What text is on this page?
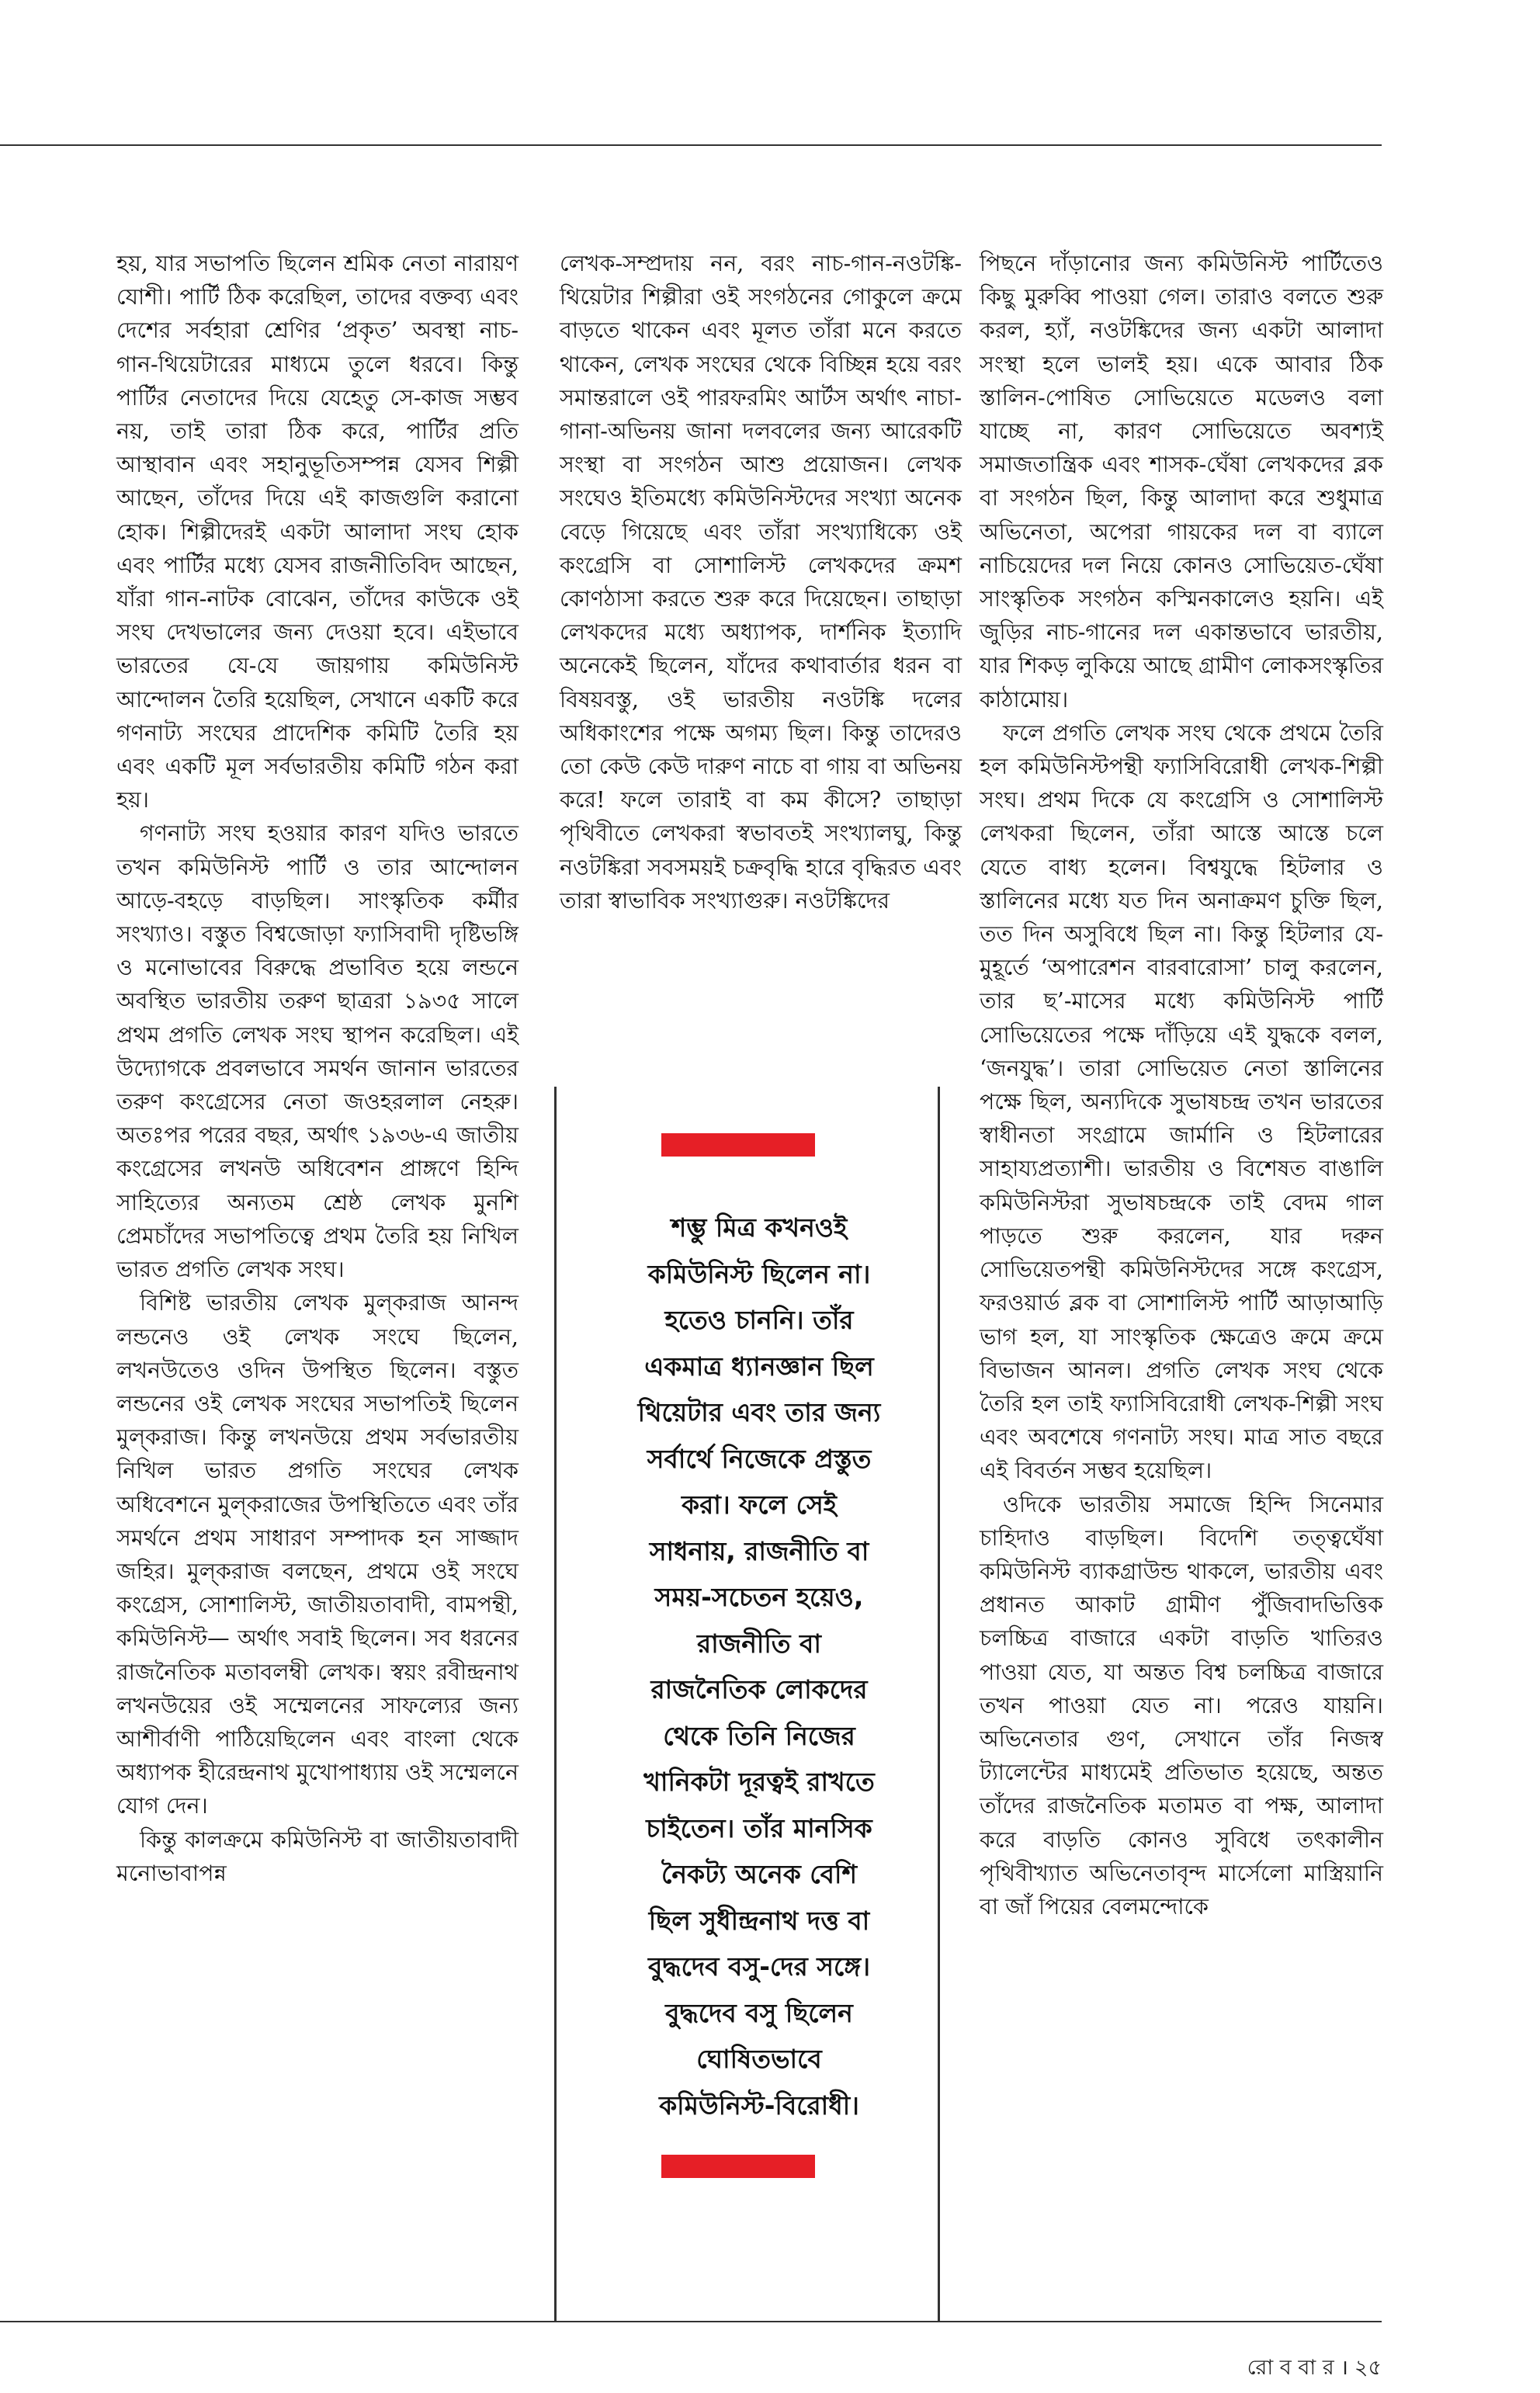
হয়, যার সভাপতি ছিলেন শ্রমিক নেতা নারায়ণ যোশী। পার্টি ঠিক করেছিল, তাদের বক্তব্য এবং দেশের সর্বহারা শ্রেণির ‘প্রকৃত’ অবস্থা নাচ-গান-থিয়েটারের মাধ্যমে তুলে ধরবে। কিন্তু পার্টির নেতাদের দিয়ে যেহেতু সে-কাজ সম্ভব নয়, তাই তারা ঠিক করে, পার্টির প্রতি আস্থাবান এবং সহানুভূতিসম্পন্ন যেসব শিল্পী আছেন, তাঁদের দিয়ে এই কাজগুলি করানো হোক। শিল্পীদেরই একটা আলাদা সংঘ হোক এবং পার্টির মধ্যে যেসব রাজনীতিবিদ আছেন, যাঁরা গান-নাটক বোঝেন, তাঁদের কাউকে ওই সংঘ দেখভালের জন্য দেওয়া হবে। এইভাবে ভারতের যে-যে জায়গায় কমিউনিস্ট আন্দোলন তৈরি হয়েছিল, সেখানে একটি করে গণনাট্য সংঘের প্রাদেশিক কমিটি তৈরি হয় এবং একটি মূল সর্বভারতীয় কমিটি গঠন করা হয়।

গণনাট্য সংঘ হওয়ার কারণ যদিও ভারতে তখন কমিউনিস্ট পার্টি ও তার আন্দোলন আড়ে-বহড়ে বাড়ছিল। সাংস্কৃতিক কর্মীর সংখ্যাও। বস্তুত বিশ্বজোড়া ফ্যাসিবাদী দৃষ্টিভঙ্গি ও মনোভাবের বিরুদ্ধে প্রভাবিত হয়ে লন্ডনে অবস্থিত ভারতীয় তরুণ ছাত্ররা ১৯৩৫ সালে প্রথম প্রগতি লেখক সংঘ স্থাপন করেছিল। এই উদ্যোগকে প্রবলভাবে সমর্থন জানান ভারতের তরুণ কংগ্রেসের নেতা জওহরলাল নেহরু। অতঃপর পরের বছর, অর্থাৎ ১৯৩৬-এ জাতীয় কংগ্রেসের লখনউ অধিবেশন প্রাঙ্গণে হিন্দি সাহিত্যের অন্যতম শ্রেষ্ঠ লেখক মুনশি প্রেমচাঁদের সভাপতিত্বে প্রথম তৈরি হয় নিখিল ভারত প্রগতি লেখক সংঘ।

বিশিষ্ট ভারতীয় লেখক মুল্‌করাজ আনন্দ লন্ডনেও ওই লেখক সংঘে ছিলেন, লখনউতেও ওদিন উপস্থিত ছিলেন। বস্তুত লন্ডনের ওই লেখক সংঘের সভাপতিই ছিলেন মুল্‌করাজ। কিন্তু লখনউয়ে প্রথম সর্বভারতীয় নিখিল ভারত প্রগতি সংঘের লেখক অধিবেশনে মুল্‌করাজের উপস্থিতিতে এবং তাঁর সমর্থনে প্রথম সাধারণ সম্পাদক হন সাজ্জাদ জহির। মুল্‌করাজ বলছেন, প্রথমে ওই সংঘে কংগ্রেস, সোশালিস্ট, জাতীয়তাবাদী, বামপন্থী, কমিউনিস্ট— অর্থাৎ সবাই ছিলেন। সব ধরনের রাজনৈতিক মতাবলম্বী লেখক। স্বয়ং রবীন্দ্রনাথ লখনউয়ের ওই সম্মেলনের সাফল্যের জন্য আশীর্বাণী পাঠিয়েছিলেন এবং বাংলা থেকে অধ্যাপক হীরেন্দ্রনাথ মুখোপাধ্যায় ওই সম্মেলনে যোগ দেন।

কিন্তু কালক্রমে কমিউনিস্ট বা জাতীয়তাবাদী মনোভাবাপন্ন

লেখক-সম্প্রদায় নন, বরং নাচ-গান-নওটঙ্কি-থিয়েটার শিল্পীরা ওই সংগঠনের গোকুলে ক্রমে বাড়তে থাকেন এবং মূলত তাঁরা মনে করতে থাকেন, লেখক সংঘের থেকে বিচ্ছিন্ন হয়ে বরং সমান্তরালে ওই পারফরমিং আর্টস অর্থাৎ নাচা-গানা-অভিনয় জানা দলবলের জন্য আরেকটি সংস্থা বা সংগঠন আশু প্রয়োজন। লেখক সংঘেও ইতিমধ্যে কমিউনিস্টদের সংখ্যা অনেক বেড়ে গিয়েছে এবং তাঁরা সংখ্যাধিক্যে ওই কংগ্রেসি বা সোশালিস্ট লেখকদের ক্রমশ কোণঠাসা করতে শুরু করে দিয়েছেন। তাছাড়া লেখকদের মধ্যে অধ্যাপক, দার্শনিক ইত্যাদি অনেকেই ছিলেন, যাঁদের কথাবার্তার ধরন বা বিষয়বস্তু, ওই ভারতীয় নওটঙ্কি দলের অধিকাংশের পক্ষে অগম্য ছিল। কিন্তু তাদেরও তো কেউ কেউ দারুণ নাচে বা গায় বা অভিনয় করে! ফলে তারাই বা কম কীসে? তাছাড়া পৃথিবীতে লেখকরা স্বভাবতই সংখ্যালঘু, কিন্তু নওটঙ্কিরা সবসময়ই চক্রবৃদ্ধি হারে বৃদ্ধিরত এবং তারা স্বাভাবিক সংখ্যাগুরু। নওটঙ্কিদের

পিছনে দাঁড়ানোর জন্য কমিউনিস্ট পার্টিতেও কিছু মুরুব্বি পাওয়া গেল। তারাও বলতে শুরু করল, হ্যাঁ, নওটঙ্কিদের জন্য একটা আলাদা সংস্থা হলে ভালই হয়। একে আবার ঠিক স্তালিন-পোষিত সোভিয়েতে মডেলও বলা যাচ্ছে না, কারণ সোভিয়েতে অবশ্যই সমাজতান্ত্রিক এবং শাসক-ঘেঁষা লেখকদের ব্লক বা সংগঠন ছিল, কিন্তু আলাদা করে শুধুমাত্র অভিনেতা, অপেরা গায়কের দল বা ব্যালে নাচিয়েদের দল নিয়ে কোনও সোভিয়েত-ঘেঁষা সাংস্কৃতিক সংগঠন কস্মিনকালেও হয়নি। এই জুড়ির নাচ-গানের দল একান্তভাবে ভারতীয়, যার শিকড় লুকিয়ে আছে গ্রামীণ লোকসংস্কৃতির কাঠামোয়।

ফলে প্রগতি লেখক সংঘ থেকে প্রথমে তৈরি হল কমিউনিস্টপন্থী ফ্যাসিবিরোধী লেখক-শিল্পী সংঘ। প্রথম দিকে যে কংগ্রেসি ও সোশালিস্ট লেখকরা ছিলেন, তাঁরা আস্তে আস্তে চলে যেতে বাধ্য হলেন। বিশ্বযুদ্ধে হিটলার ও স্তালিনের মধ্যে যত দিন অনাক্রমণ চুক্তি ছিল, তত দিন অসুবিধে ছিল না। কিন্তু হিটলার যে-মুহূর্তে ‘অপারেশন বারবারোসা’ চালু করলেন, তার ছ’-মাসের মধ্যে কমিউনিস্ট পার্টি সোভিয়েতের পক্ষে দাঁড়িয়ে এই যুদ্ধকে বলল, ‘জনযুদ্ধ’। তারা সোভিয়েত নেতা স্তালিনের পক্ষে ছিল, অন্যদিকে সুভাষচন্দ্র তখন ভারতের স্বাধীনতা সংগ্রামে জার্মানি ও হিটলারের সাহায্যপ্রত্যাশী। ভারতীয় ও বিশেষত বাঙালি কমিউনিস্টরা সুভাষচন্দ্রকে তাই বেদম গাল পাড়তে শুরু করলেন, যার দরুন সোভিয়েতপন্থী কমিউনিস্টদের সঙ্গে কংগ্রেস, ফরওয়ার্ড ব্লক বা সোশালিস্ট পার্টি আড়াআড়ি ভাগ হল, যা সাংস্কৃতিক ক্ষেত্রেও ক্রমে ক্রমে বিভাজন আনল। প্রগতি লেখক সংঘ থেকে তৈরি হল তাই ফ্যাসিবিরোধী লেখক-শিল্পী সংঘ এবং অবশেষে গণনাট্য সংঘ। মাত্র সাত বছরে এই বিবর্তন সম্ভব হয়েছিল।

ওদিকে ভারতীয় সমাজে হিন্দি সিনেমার চাহিদাও বাড়ছিল। বিদেশি তত্ত্বঘেঁষা কমিউনিস্ট ব্যাকগ্রাউন্ড থাকলে, ভারতীয় এবং প্রধানত আকাট গ্রামীণ পুঁজিবাদভিত্তিক চলচ্চিত্র বাজারে একটা বাড়তি খাতিরও পাওয়া যেত, যা অন্তত বিশ্ব চলচ্চিত্র বাজারে তখন পাওয়া যেত না। পরেও যায়নি। অভিনেতার গুণ, সেখানে তাঁর নিজস্ব ট্যালেন্টের মাধ্যমেই প্রতিভাত হয়েছে, অন্তত তাঁদের রাজনৈতিক মতামত বা পক্ষ, আলাদা করে বাড়তি কোনও সুবিধে তৎকালীন পৃথিবীখ্যাত অভিনেতাবৃন্দ মার্সেলো মাস্ত্রিয়ানি বা জাঁ পিয়ের বেলমন্দোকে

শম্ভু মিত্র কখনওই
কমিউনিস্ট ছিলেন না।
হতেও চাননি। তাঁর
একমাত্র ধ্যানজ্ঞান ছিল
থিয়েটার এবং তার জন্য
সর্বার্থে নিজেকে প্রস্তুত
করা। ফলে সেই
সাধনায়, রাজনীতি বা
সময়-সচেতন হয়েও,
রাজনীতি বা
রাজনৈতিক লোকদের
থেকে তিনি নিজের
খানিকটা দূরত্বই রাখতে
চাইতেন। তাঁর মানসিক
নৈকট্য অনেক বেশি
ছিল সুধীন্দ্রনাথ দত্ত বা
বুদ্ধদেব বসু-দের সঙ্গে।
বুদ্ধদেব বসু ছিলেন
ঘোষিতভাবে
কমিউনিস্ট-বিরোধী।
রো ব বা র । ২৫
